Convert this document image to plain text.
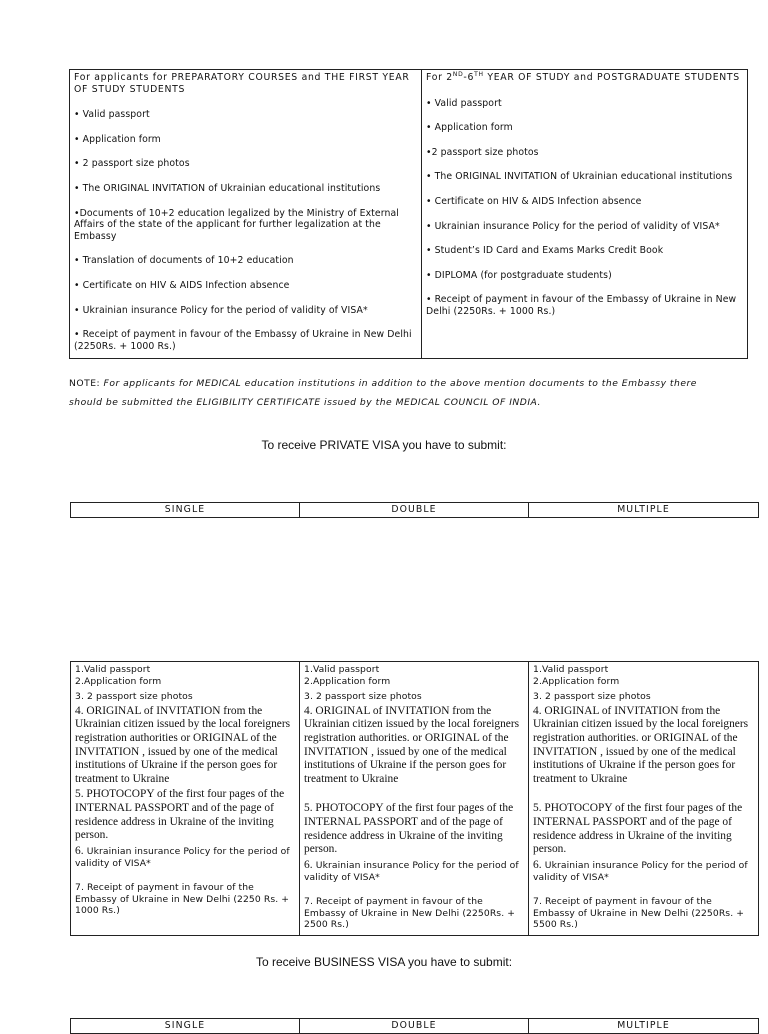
For applicants for PREPARATORY COURSES and THE FIRST YEAR OF STUDY STUDENTS
• Valid passport
• Application form
• 2 passport size photos
• The ORIGINAL INVITATION of Ukrainian educational institutions
•Documents of 10+2 education legalized by the Ministry of External Affairs of the state of the applicant for further legalization at the Embassy
• Translation of documents of 10+2 education
• Certificate on HIV & AIDS Infection absence
• Ukrainian insurance Policy for the period of validity of VISA*
• Receipt of payment in favour of the Embassy of Ukraine in New Delhi (2250Rs. + 1000 Rs.)

For 2ND-6TH YEAR OF STUDY and POSTGRADUATE STUDENTS
• Valid passport
• Application form
•2 passport size photos
• The ORIGINAL INVITATION of Ukrainian educational institutions
• Certificate on HIV & AIDS Infection absence
• Ukrainian insurance Policy for the period of validity of VISA*
• Student’s ID Card and Exams Marks Credit Book
• DIPLOMA (for postgraduate students)
• Receipt of payment in favour of the Embassy of Ukraine in New Delhi (2250Rs. + 1000 Rs.)
NOTE: For applicants for MEDICAL education institutions in addition to the above mention documents to the Embassy there
should be submitted the ELIGIBILITY CERTIFICATE issued by the MEDICAL COUNCIL OF INDIA.
To receive PRIVATE VISA you have to submit:
SINGLE	DOUBLE	MULTIPLE
1.Valid passport
2.Application form
3. 2 passport size photos
4. ORIGINAL of INVITATION from the Ukrainian citizen issued by the local foreigners registration authorities or ORIGINAL of the INVITATION , issued by one of the medical institutions of Ukraine if the person goes for treatment to Ukraine
5. PHOTOCOPY of the first four pages of the INTERNAL PASSPORT and of the page of residence address in Ukraine of the inviting person.
6. Ukrainian insurance Policy for the period of validity of VISA*
7. Receipt of payment in favour of the Embassy of Ukraine in New Delhi (2250 Rs. + 1000 Rs.)

1.Valid passport
2.Application form
3. 2 passport size photos
4. ORIGINAL of INVITATION from the Ukrainian citizen issued by the local foreigners registration authorities. or ORIGINAL of the INVITATION , issued by one of the medical institutions of Ukraine if the person goes for treatment to Ukraine
5. PHOTOCOPY of the first four pages of the INTERNAL PASSPORT and of the page of residence address in Ukraine of the inviting person.
6. Ukrainian insurance Policy for the period of validity of VISA*
7. Receipt of payment in favour of the Embassy of Ukraine in New Delhi (2250Rs. + 2500 Rs.)

1.Valid passport
2.Application form
3. 2 passport size photos
4. ORIGINAL of INVITATION from the Ukrainian citizen issued by the local foreigners registration authorities. or ORIGINAL of the INVITATION , issued by one of the medical institutions of Ukraine if the person goes for treatment to Ukraine
5. PHOTOCOPY of the first four pages of the INTERNAL PASSPORT and of the page of residence address in Ukraine of the inviting person.
6. Ukrainian insurance Policy for the period of validity of VISA*
7. Receipt of payment in favour of the Embassy of Ukraine in New Delhi (2250Rs. + 5500 Rs.)
To receive BUSINESS VISA you have to submit:
SINGLE	DOUBLE	MULTIPLE
